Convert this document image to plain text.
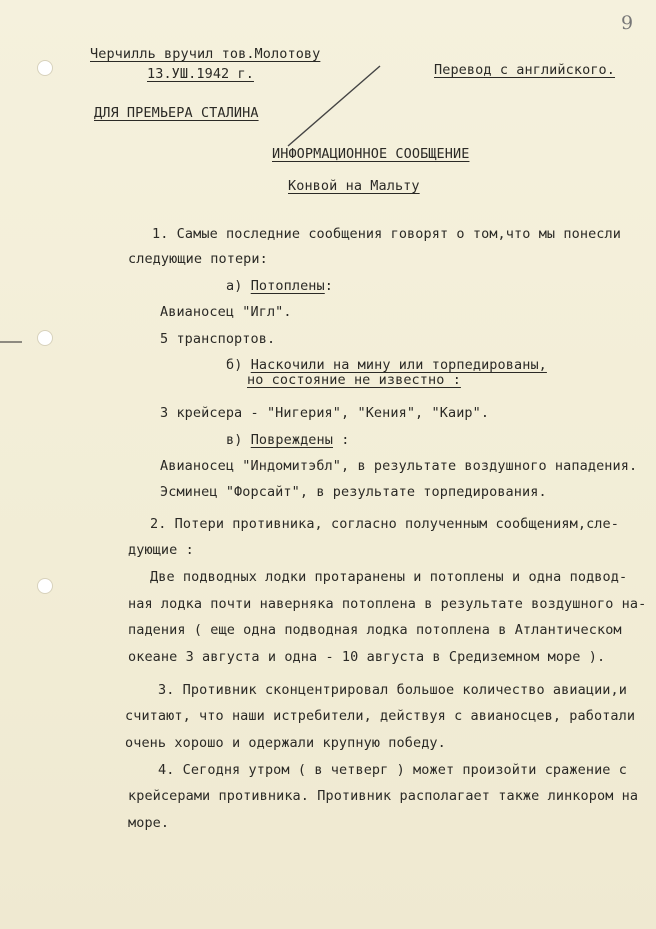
9
Черчилль вручил тов.Молотову
13.УШ.1942 г.	Перевод с английского.
ДЛЯ ПРЕМЬЕРА СТАЛИНА
ИНФОРМАЦИОННОЕ СООБЩЕНИЕ
Конвой на Мальту
1. Самые последние сообщения говорят о том,что мы понесли
следующие потери:
а) Потоплены:
Авианосец "Игл".
5 транспортов.
б) Наскочили на мину или торпедированы,
но состояние не известно :
3 крейсера - "Нигерия", "Кения", "Каир".
в) Повреждены :
Авианосец "Индомитэбл", в результате воздушного нападения.
Эсминец "Форсайт", в результате торпедирования.
2. Потери противника, согласно полученным сообщениям,сле-
дующие :
Две подводных лодки протаранены и потоплены и одна подвод-
ная лодка почти наверняка потоплена в результате воздушного на-
падения ( еще одна подводная лодка потоплена в Атлантическом
океане 3 августа и одна - 10 августа в Средиземном море ).
3. Противник сконцентрировал большое количество авиации,и
считают, что наши истребители, действуя с авианосцев, работали
очень хорошо и одержали крупную победу.
4. Сегодня утром ( в четверг ) может произойти сражение с
крейсерами противника. Противник располагает также линкором на
море.
